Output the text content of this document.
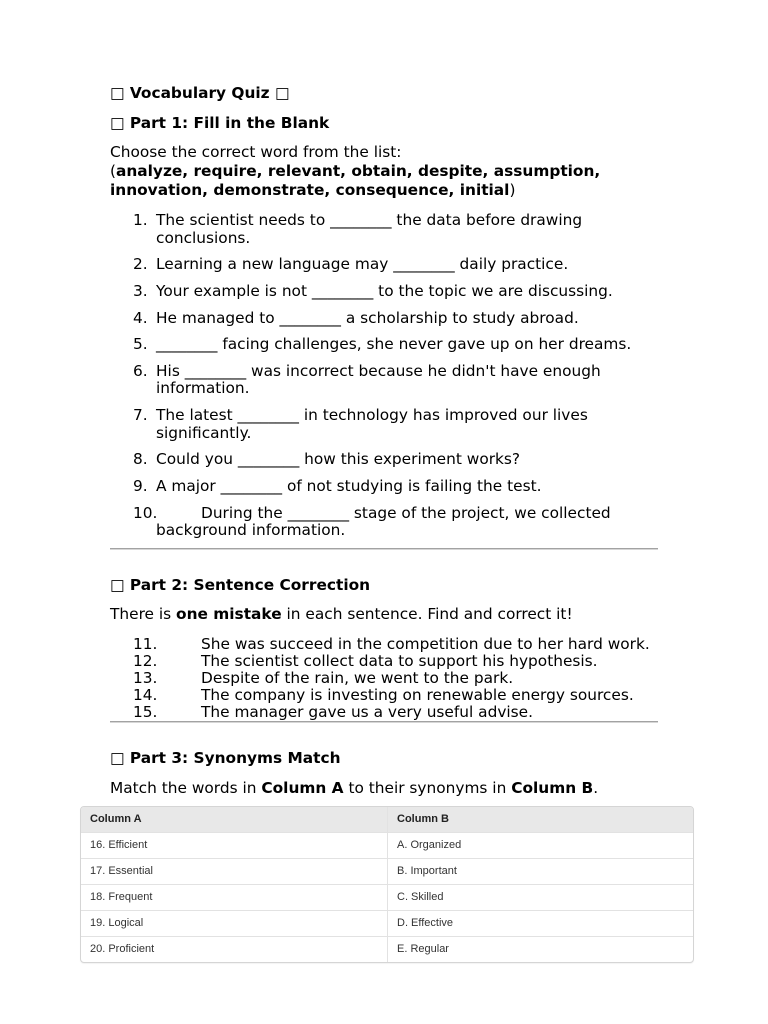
□ Vocabulary Quiz □

□ Part 1: Fill in the Blank

Choose the correct word from the list:
(analyze, require, relevant, obtain, despite, assumption, innovation, demonstrate, consequence, initial)

1. The scientist needs to ________ the data before drawing conclusions.
2. Learning a new language may ________ daily practice.
3. Your example is not ________ to the topic we are discussing.
4. He managed to ________ a scholarship to study abroad.
5. ________ facing challenges, she never gave up on her dreams.
6. His ________ was incorrect because he didn't have enough information.
7. The latest ________ in technology has improved our lives significantly.
8. Could you ________ how this experiment works?
9. A major ________ of not studying is failing the test.
10.	During the ________ stage of the project, we collected background information.

□ Part 2: Sentence Correction

There is one mistake in each sentence. Find and correct it!

11.	She was succeed in the competition due to her hard work.
12.	The scientist collect data to support his hypothesis.
13.	Despite of the rain, we went to the park.
14.	The company is investing on renewable energy sources.
15.	The manager gave us a very useful advise.

□ Part 3: Synonyms Match

Match the words in Column A to their synonyms in Column B.

Column A	Column B
16. Efficient	A. Organized
17. Essential	B. Important
18. Frequent	C. Skilled
19. Logical	D. Effective
20. Proficient	E. Regular
